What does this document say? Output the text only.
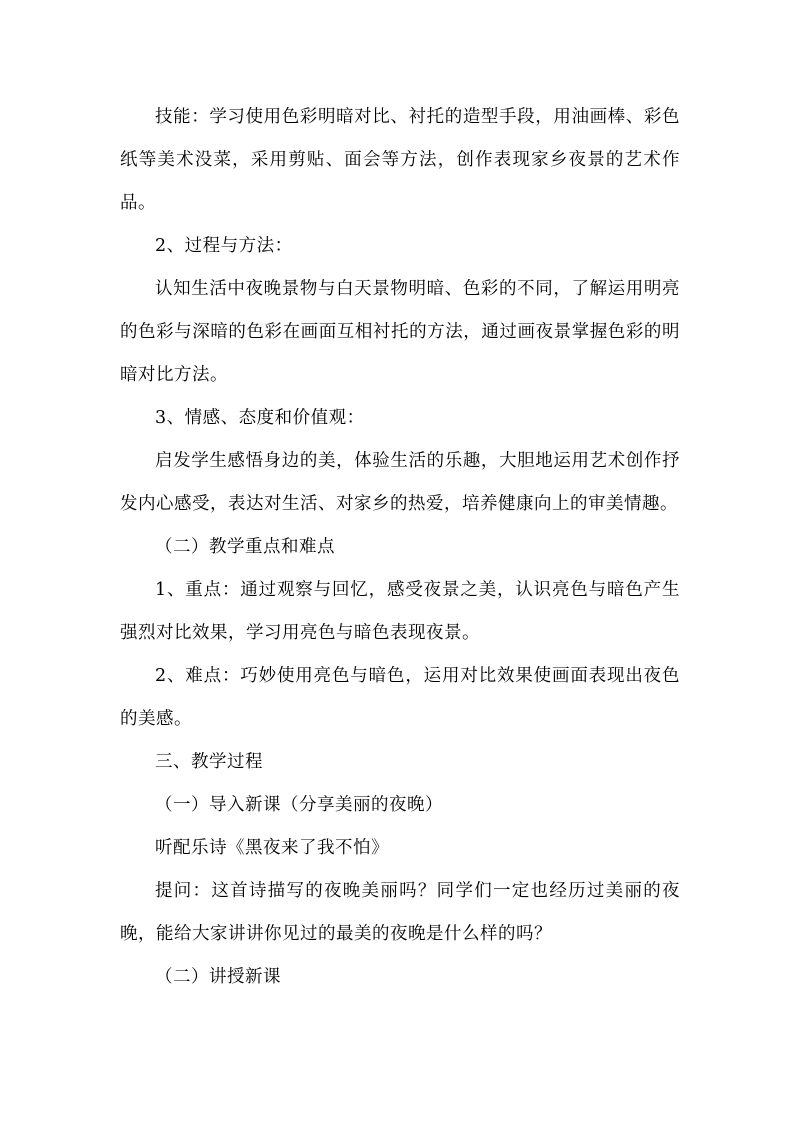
技能：学习使用色彩明暗对比、衬托的造型手段，用油画棒、彩色纸等美术没菜，采用剪贴、面会等方法，创作表现家乡夜景的艺术作品。

2、过程与方法：

认知生活中夜晚景物与白天景物明暗、色彩的不同，了解运用明亮的色彩与深暗的色彩在画面互相衬托的方法，通过画夜景掌握色彩的明暗对比方法。

3、情感、态度和价值观：

启发学生感悟身边的美，体验生活的乐趣，大胆地运用艺术创作抒发内心感受，表达对生活、对家乡的热爱，培养健康向上的审美情趣。

（二）教学重点和难点

1、重点：通过观察与回忆，感受夜景之美，认识亮色与暗色产生强烈对比效果，学习用亮色与暗色表现夜景。

2、难点：巧妙使用亮色与暗色，运用对比效果使画面表现出夜色的美感。

三、教学过程

（一）导入新课（分享美丽的夜晚）

听配乐诗《黑夜来了我不怕》

提问：这首诗描写的夜晚美丽吗？同学们一定也经历过美丽的夜晚，能给大家讲讲你见过的最美的夜晚是什么样的吗？

（二）讲授新课
